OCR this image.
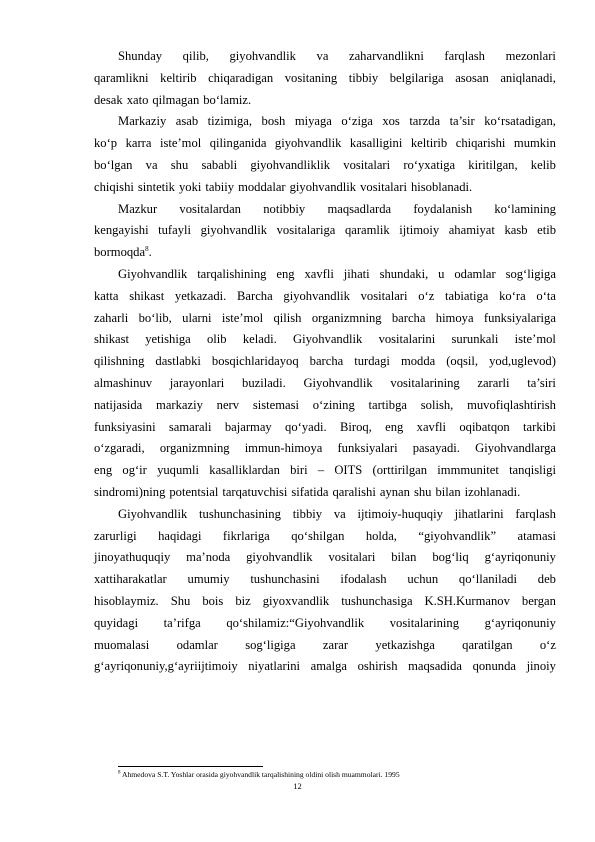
Shunday qilib, giyohvandlik va zaharvandlikni farqlash mezonlari
qaramlikni keltirib chiqaradigan vositaning tibbiy belgilariga asosan aniqlanadi,
desak xato qilmagan bo‘lamiz.
Markaziy asab tizimiga, bosh miyaga o‘ziga xos tarzda ta’sir ko‘rsatadigan,
ko‘p karra iste’mol qilinganida giyohvandlik kasalligini keltirib chiqarishi mumkin
bo‘lgan va shu sababli giyohvandliklik vositalari ro‘yxatiga kiritilgan, kelib
chiqishi sintetik yoki tabiiy moddalar giyohvandlik vositalari hisoblanadi.
Mazkur vositalardan notibbiy maqsadlarda foydalanish ko‘lamining
kengayishi tufayli giyohvandlik vositalariga qaramlik ijtimoiy ahamiyat kasb etib
bormoqda$^8$.
Giyohvandlik tarqalishining eng xavfli jihati shundaki, u odamlar sog‘ligiga
katta shikast yetkazadi. Barcha giyohvandlik vositalari o‘z tabiatiga ko‘ra o‘ta
zaharli bo‘lib, ularni iste’mol qilish organizmning barcha himoya funksiyalariga
shikast yetishiga olib keladi. Giyohvandlik vositalarini surunkali iste’mol
qilishning dastlabki bosqichlaridayoq barcha turdagi modda (oqsil, yod,uglevod)
almashinuv jarayonlari buziladi. Giyohvandlik vositalarining zararli ta’siri
natijasida markaziy nerv sistemasi o‘zining tartibga solish, muvofiqlashtirish
funksiyasini samarali bajarmay qo‘yadi. Biroq, eng xavfli oqibatqon tarkibi
o‘zgaradi, organizmning immun-himoya funksiyalari pasayadi. Giyohvandlarga
eng og‘ir yuqumli kasalliklardan biri – OITS (orttirilgan immmunitet tanqisligi
sindromi)ning potentsial tarqatuvchisi sifatida qaralishi aynan shu bilan izohlanadi.
Giyohvandlik tushunchasining tibbiy va ijtimoiy-huquqiy jihatlarini farqlash
zarurligi haqidagi fikrlariga qo‘shilgan holda, “giyohvandlik” atamasi
jinoyathuquqiy ma’noda giyohvandlik vositalari bilan bog‘liq g‘ayriqonuniy
xattiharakatlar umumiy tushunchasini ifodalash uchun qo‘llaniladi deb
hisoblaymiz. Shu bois biz giyoxvandlik tushunchasiga K.SH.Kurmanov bergan
quyidagi ta’rifga qo‘shilamiz:“Giyohvandlik vositalarining g‘ayriqonuniy
muomalasi odamlar sog‘ligiga zarar yetkazishga qaratilgan o‘z
g‘ayriqonuniy,g‘ayriijtimoiy niyatlarini amalga oshirish maqsadida qonunda jinoiy
$^8$ Ahmedova S.T. Yoshlar orasida giyohvandlik tarqalishining oldini olish muammolari. 1995
12
